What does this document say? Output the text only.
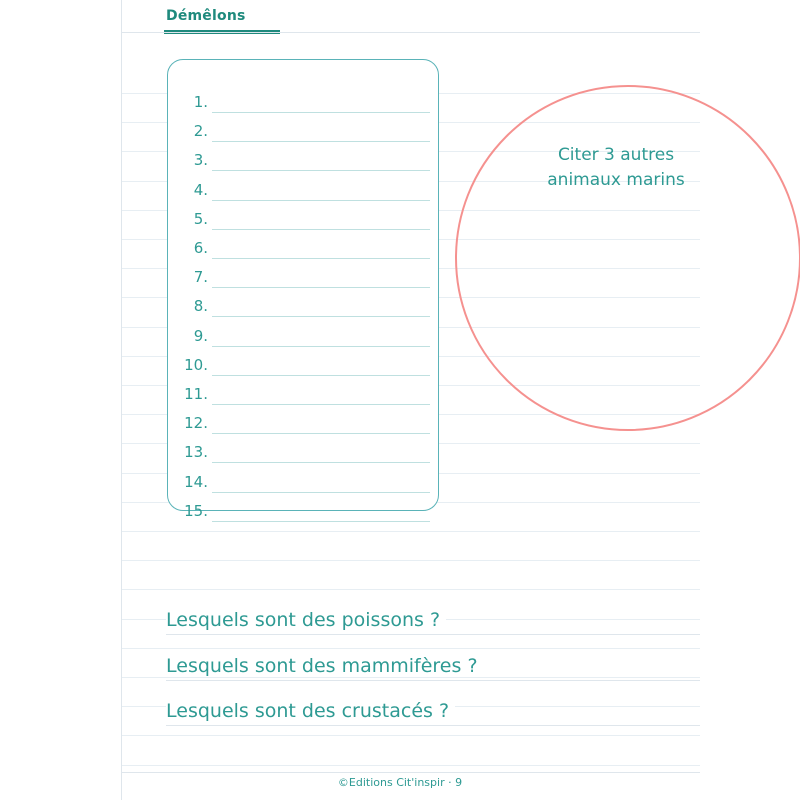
Démêlons
1.
2.
3.
4.
5.
6.
7.
8.
9.
10.
11.
12.
13.
14.
15.
Citer 3 autres
animaux marins
Lesquels sont des poissons ?
Lesquels sont des mammifères ?
Lesquels sont des crustacés ?
©Editions Cit'inspir · 9
